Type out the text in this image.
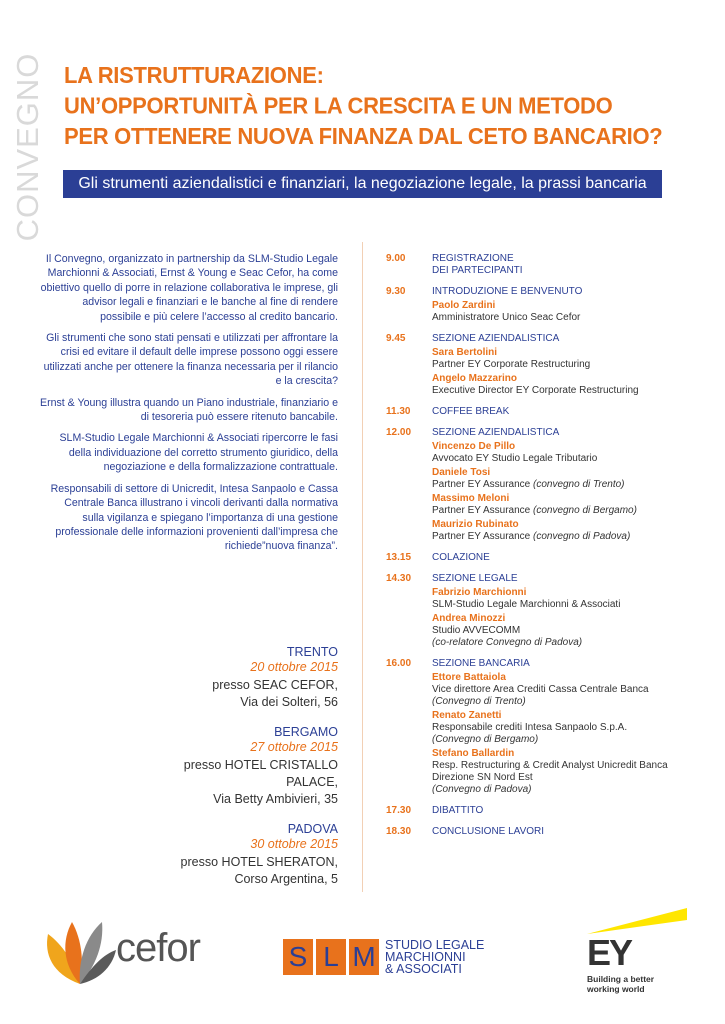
CONVEGNO LA RISTRUTTURAZIONE:
UN’OPPORTUNITÀ PER LA CRESCITA E UN METODO
PER OTTENERE NUOVA FINANZA DAL CETO BANCARIO?
Gli strumenti aziendalistici e finanziari, la negoziazione legale, la prassi bancaria

Il Convegno, organizzato in partnership da SLM-Studio Legale Marchionni & Associati, Ernst & Young e Seac Cefor, ha come obiettivo quello di porre in relazione collaborativa le imprese, gli advisor legali e finanziari e le banche al fine di rendere possibile e più celere l’accesso al credito bancario.

Gli strumenti che sono stati pensati e utilizzati per affrontare la crisi ed evitare il default delle imprese possono oggi essere utilizzati anche per ottenere la finanza necessaria per il rilancio e la crescita?

Ernst & Young illustra quando un Piano industriale, finanziario e di tesoreria può essere ritenuto bancabile.

SLM-Studio Legale Marchionni & Associati ripercorre le fasi della individuazione del corretto strumento giuridico, della negoziazione e della formalizzazione contrattuale.

Responsabili di settore di Unicredit, Intesa Sanpaolo e Cassa Centrale Banca illustrano i vincoli derivanti dalla normativa sulla vigilanza e spiegano l’importanza di una gestione professionale delle informazioni provenienti dall’impresa che richiede”nuova finanza”.

TRENTO
20 ottobre 2015
presso SEAC CEFOR,
Via dei Solteri, 56
BERGAMO
27 ottobre 2015
presso HOTEL CRISTALLO PALACE,
Via Betty Ambivieri, 35
PADOVA
30 ottobre 2015
presso HOTEL SHERATON,
Corso Argentina, 5
9.00	REGISTRAZIONE
DEI PARTECIPANTI
9.30	INTRODUZIONE E BENVENUTO
Paolo Zardini
Amministratore Unico Seac Cefor
9.45	SEZIONE AZIENDALISTICA
Sara Bertolini
Partner EY Corporate Restructuring
Angelo Mazzarino
Executive Director EY Corporate Restructuring
11.30	COFFEE BREAK
12.00	SEZIONE AZIENDALISTICA
Vincenzo De Pillo
Avvocato EY Studio Legale Tributario
Daniele Tosi
Partner EY Assurance (convegno di Trento)
Massimo Meloni
Partner EY Assurance (convegno di Bergamo)
Maurizio Rubinato
Partner EY Assurance (convegno di Padova)
13.15	COLAZIONE
14.30	SEZIONE LEGALE
Fabrizio Marchionni
SLM-Studio Legale Marchionni & Associati
Andrea Minozzi
Studio AVVECOMM
(co-relatore Convegno di Padova)
16.00	SEZIONE BANCARIA
Ettore Battaiola
Vice direttore Area Crediti Cassa Centrale Banca
(Convegno di Trento)
Renato Zanetti
Responsabile crediti Intesa Sanpaolo S.p.A.
(Convegno di Bergamo)
Stefano Ballardin
Resp. Restructuring & Credit Analyst Unicredit Banca
Direzione SN Nord Est
(Convegno di Padova)
17.30	DIBATTITO
18.30	CONCLUSIONE LAVORI
cefor	S L M STUDIO LEGALE
MARCHIONNI
& ASSOCIATI	EY
Building a better
working world
